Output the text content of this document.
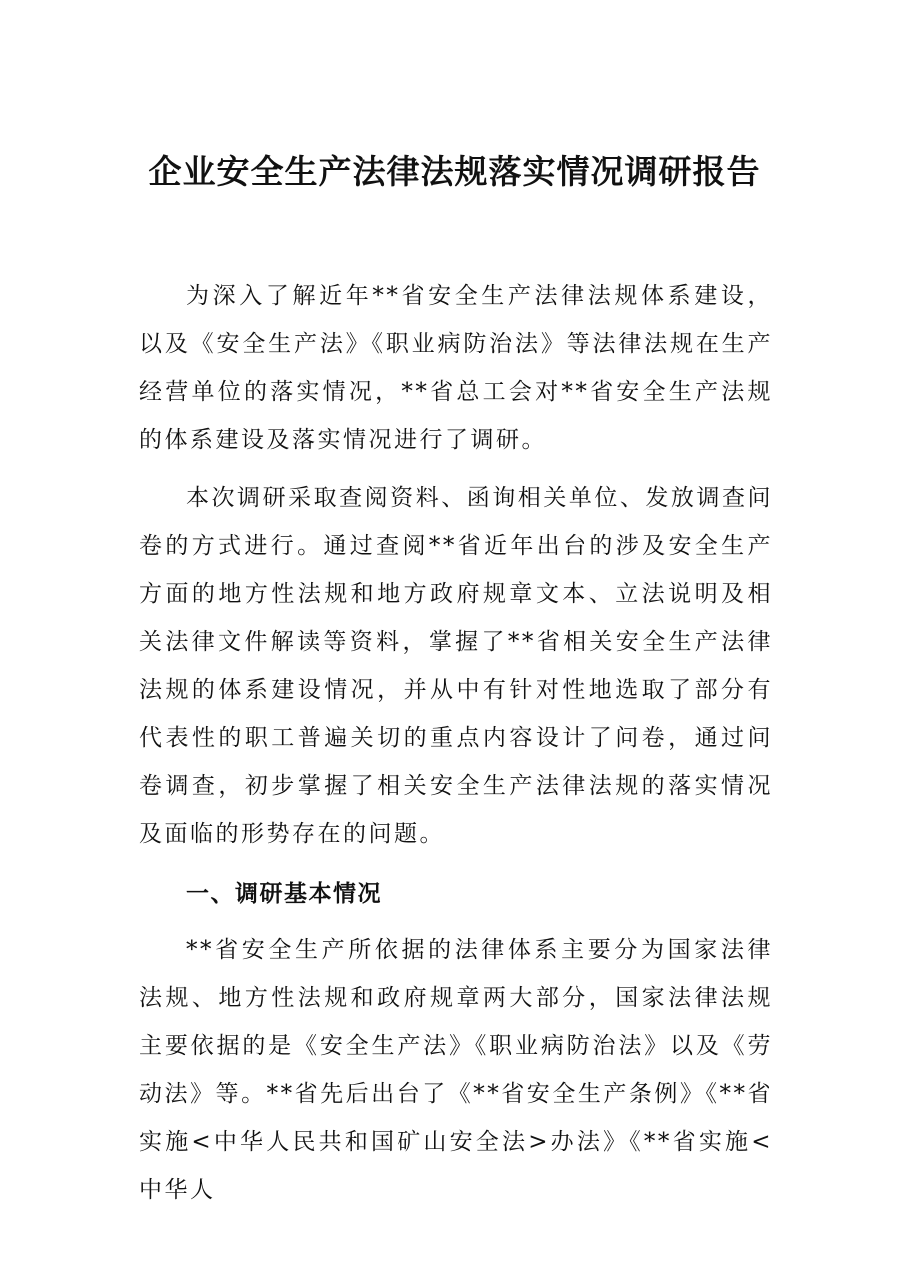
企业安全生产法律法规落实情况调研报告

为深入了解近年**省安全生产法律法规体系建设，以及《安全生产法》《职业病防治法》等法律法规在生产经营单位的落实情况，**省总工会对**省安全生产法规的体系建设及落实情况进行了调研。

本次调研采取查阅资料、函询相关单位、发放调查问卷的方式进行。通过查阅**省近年出台的涉及安全生产方面的地方性法规和地方政府规章文本、立法说明及相关法律文件解读等资料，掌握了**省相关安全生产法律法规的体系建设情况，并从中有针对性地选取了部分有代表性的职工普遍关切的重点内容设计了问卷，通过问卷调查，初步掌握了相关安全生产法律法规的落实情况及面临的形势存在的问题。

一、调研基本情况

**省安全生产所依据的法律体系主要分为国家法律法规、地方性法规和政府规章两大部分，国家法律法规主要依据的是《安全生产法》《职业病防治法》以及《劳动法》等。**省先后出台了《**省安全生产条例》《**省实施<中华人民共和国矿山安全法>办法》《**省实施<中华人
